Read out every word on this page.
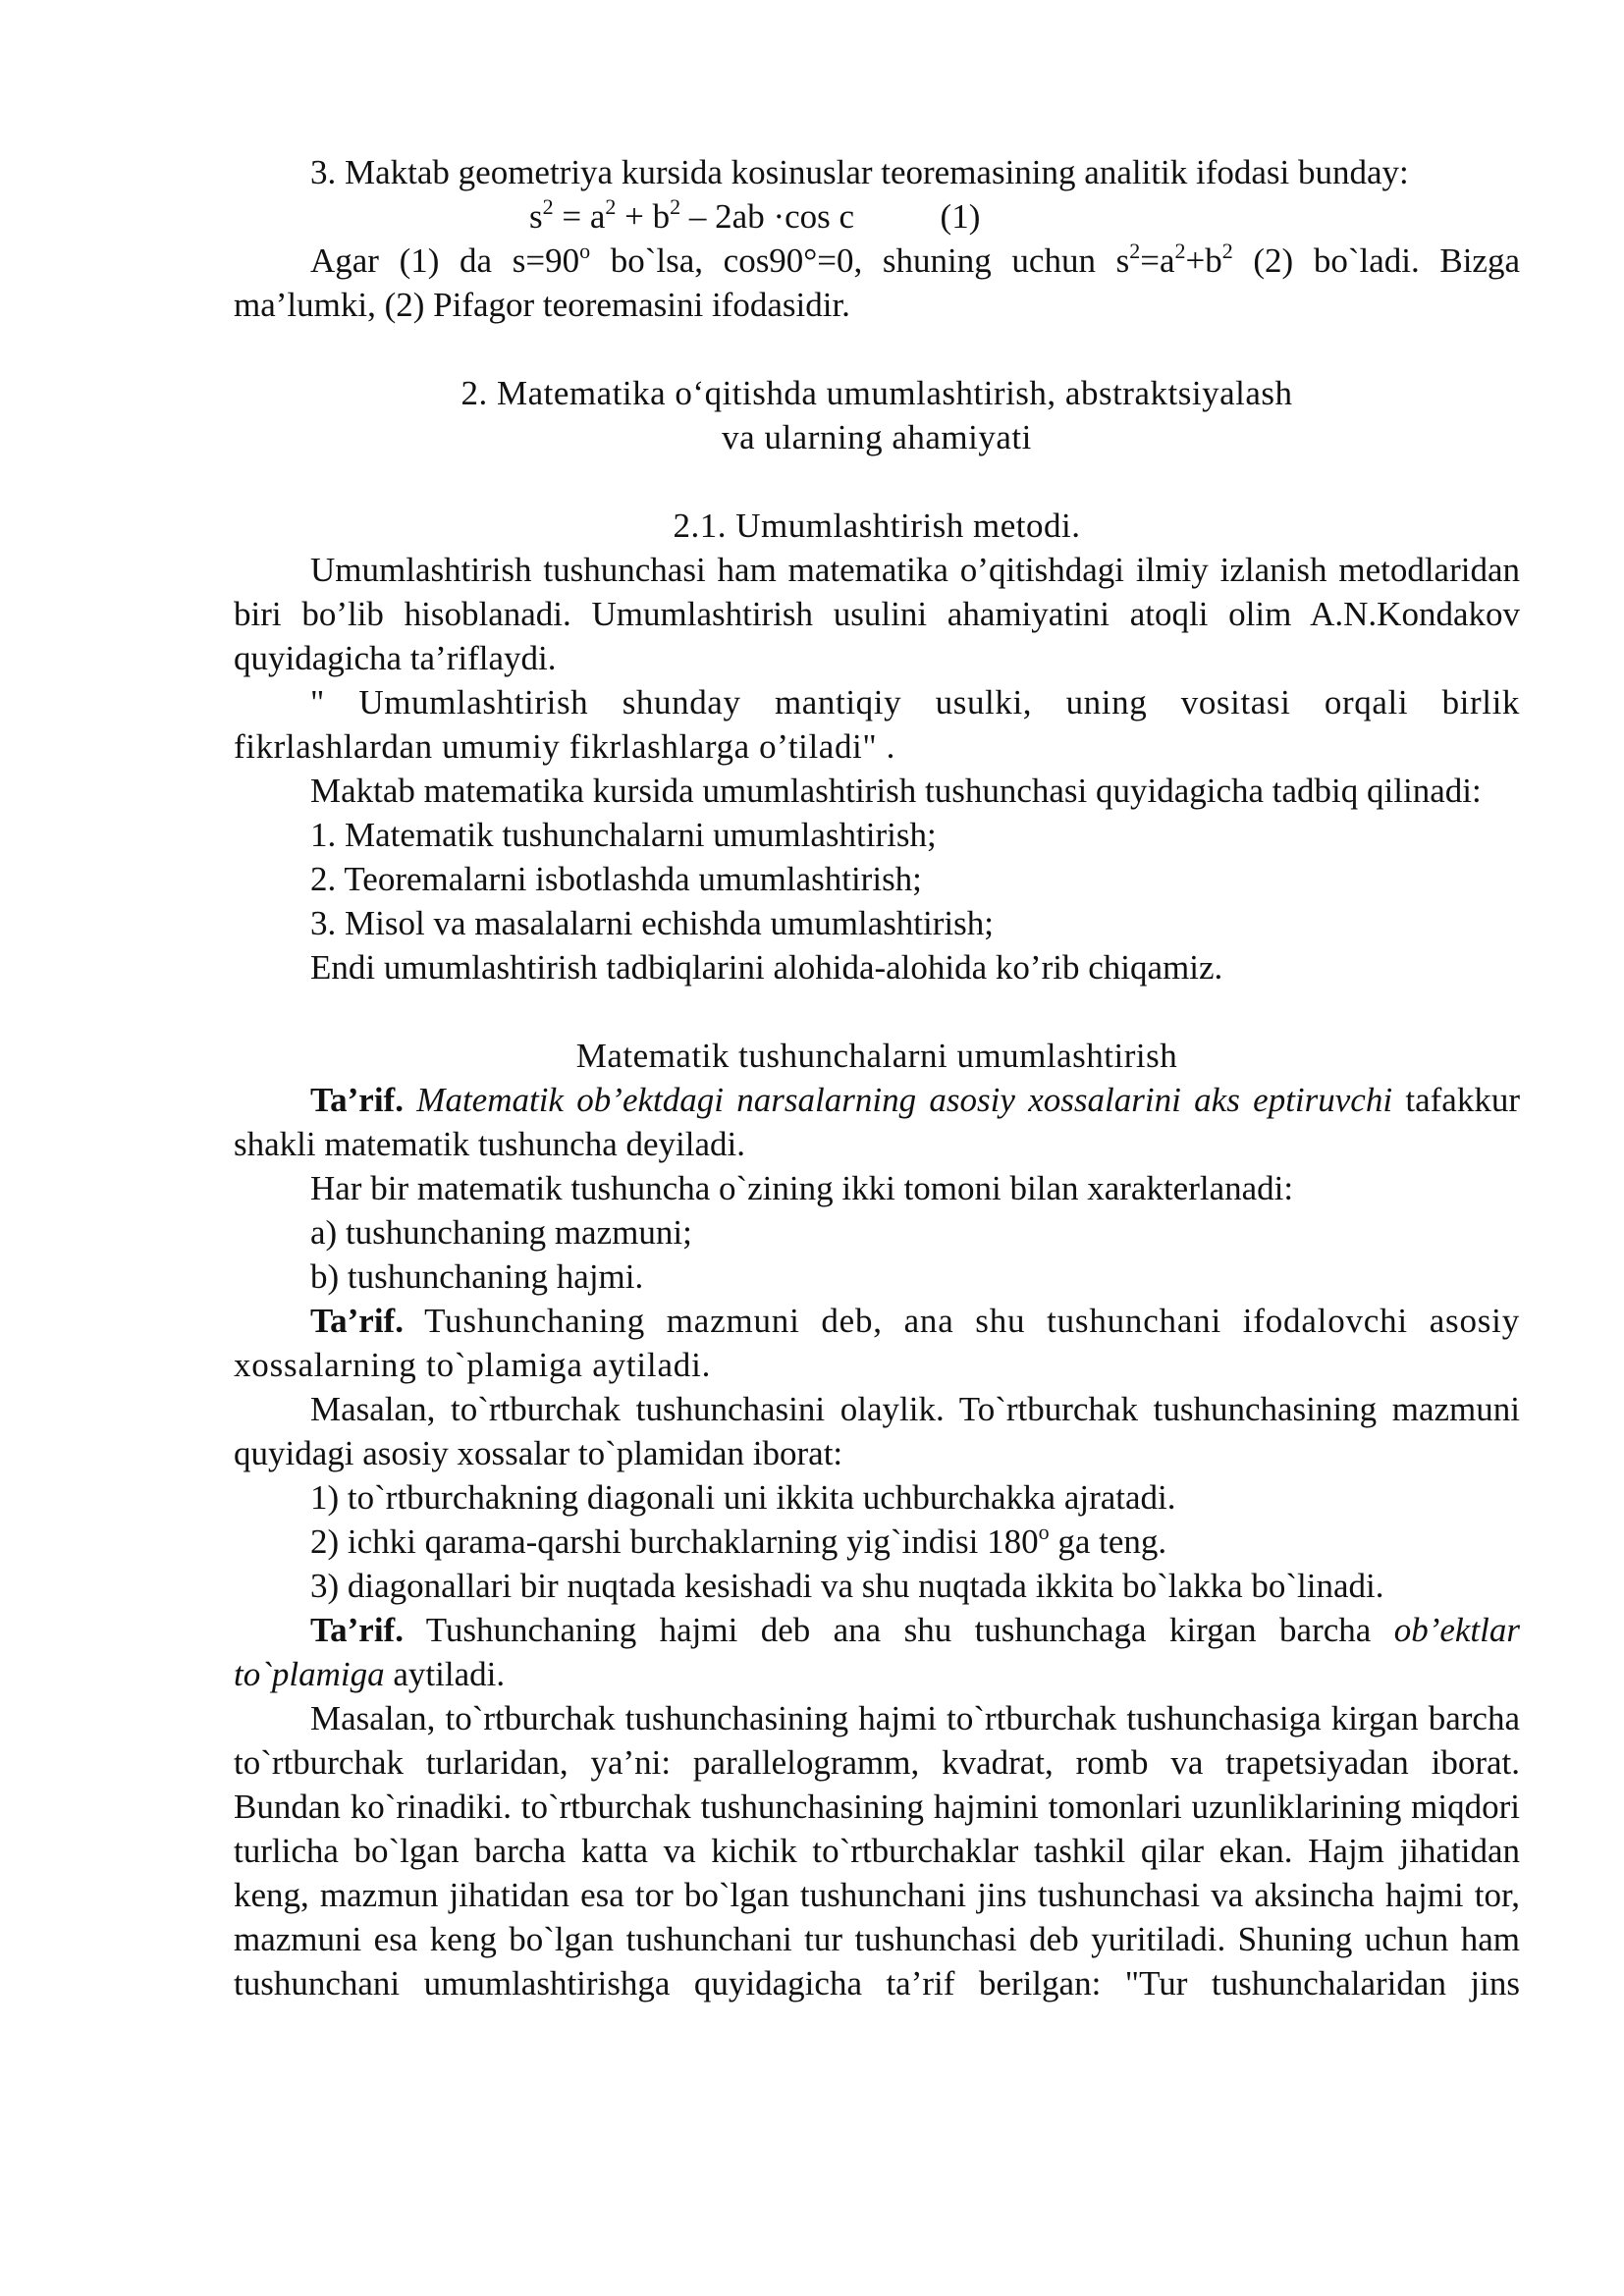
3. Maktab geometriya kursida kosinuslar teoremasining analitik ifodasi bunday:

$s^2 = a^2 + b^2 - 2ab \cdot\cos$ c	(1)

Agar (1) da $s=90^o$ bo`lsa, cos90°=0, shuning uchun $s^2=a^2+b^2$ (2) bo`ladi. Bizga ma’lumki, (2) Pifagor teoremasini ifodasidir.

2. Matematika o‘qitishda umumlashtirish, abstraktsiyalash

va ularning ahamiyati

2.1. Umumlashtirish metodi.

Umumlashtirish tushunchasi ham matematika o’qitishdagi ilmiy izlanish metodlaridan biri bo’lib hisoblanadi. Umumlashtirish usulini ahamiyatini atoqli olim A.N.Kondakov quyidagicha ta’riflaydi.

" Umumlashtirish shunday mantiqiy usulki, uning vositasi orqali birlik fikrlashlardan umumiy fikrlashlarga o’tiladi" .

Maktab matematika kursida umumlashtirish tushunchasi quyidagicha tadbiq qilinadi:

1. Matematik tushunchalarni umumlashtirish;

2. Teoremalarni isbotlashda umumlashtirish;

3. Misol va masalalarni echishda umumlashtirish;

Endi umumlashtirish tadbiqlarini alohida-alohida ko’rib chiqamiz.

Matematik tushunchalarni umumlashtirish

Ta’rif. Matematik ob’ektdagi narsalarning asosiy xossalarini aks eptiruvchi tafakkur shakli matematik tushuncha deyiladi.

Har bir matematik tushuncha o`zining ikki tomoni bilan xarakterlanadi:

a) tushunchaning mazmuni;

b) tushunchaning hajmi.

Ta’rif. Tushunchaning mazmuni deb, ana shu tushunchani ifodalovchi asosiy xossalarning to`plamiga aytiladi.

Masalan, to`rtburchak tushunchasini olaylik. To`rtburchak tushunchasining mazmuni quyidagi asosiy xossalar to`plamidan iborat:

1) to`rtburchakning diagonali uni ikkita uchburchakka ajratadi.

2) ichki qarama-qarshi burchaklarning yig`indisi 180$^o$ ga teng.

3) diagonallari bir nuqtada kesishadi va shu nuqtada ikkita bo`lakka bo`linadi.

Ta’rif. Tushunchaning hajmi deb ana shu tushunchaga kirgan barcha ob’ektlar to`plamiga aytiladi.

Masalan, to`rtburchak tushunchasining hajmi to`rtburchak tushunchasiga kirgan barcha to`rtburchak turlaridan, ya’ni: parallelogramm, kvadrat, romb va trapetsiyadan iborat. Bundan ko`rinadiki. to`rtburchak tushunchasining hajmini tomonlari uzunliklarining miqdori turlicha bo`lgan barcha katta va kichik to`rtburchaklar tashkil qilar ekan. Hajm jihatidan keng, mazmun jihatidan esa tor bo`lgan tushunchani jins tushunchasi va aksincha hajmi tor, mazmuni esa keng bo`lgan tushunchani tur tushunchasi deb yuritiladi. Shuning uchun ham tushunchani umumlashtirishga quyidagicha ta’rif berilgan: "Tur tushunchalaridan jins
